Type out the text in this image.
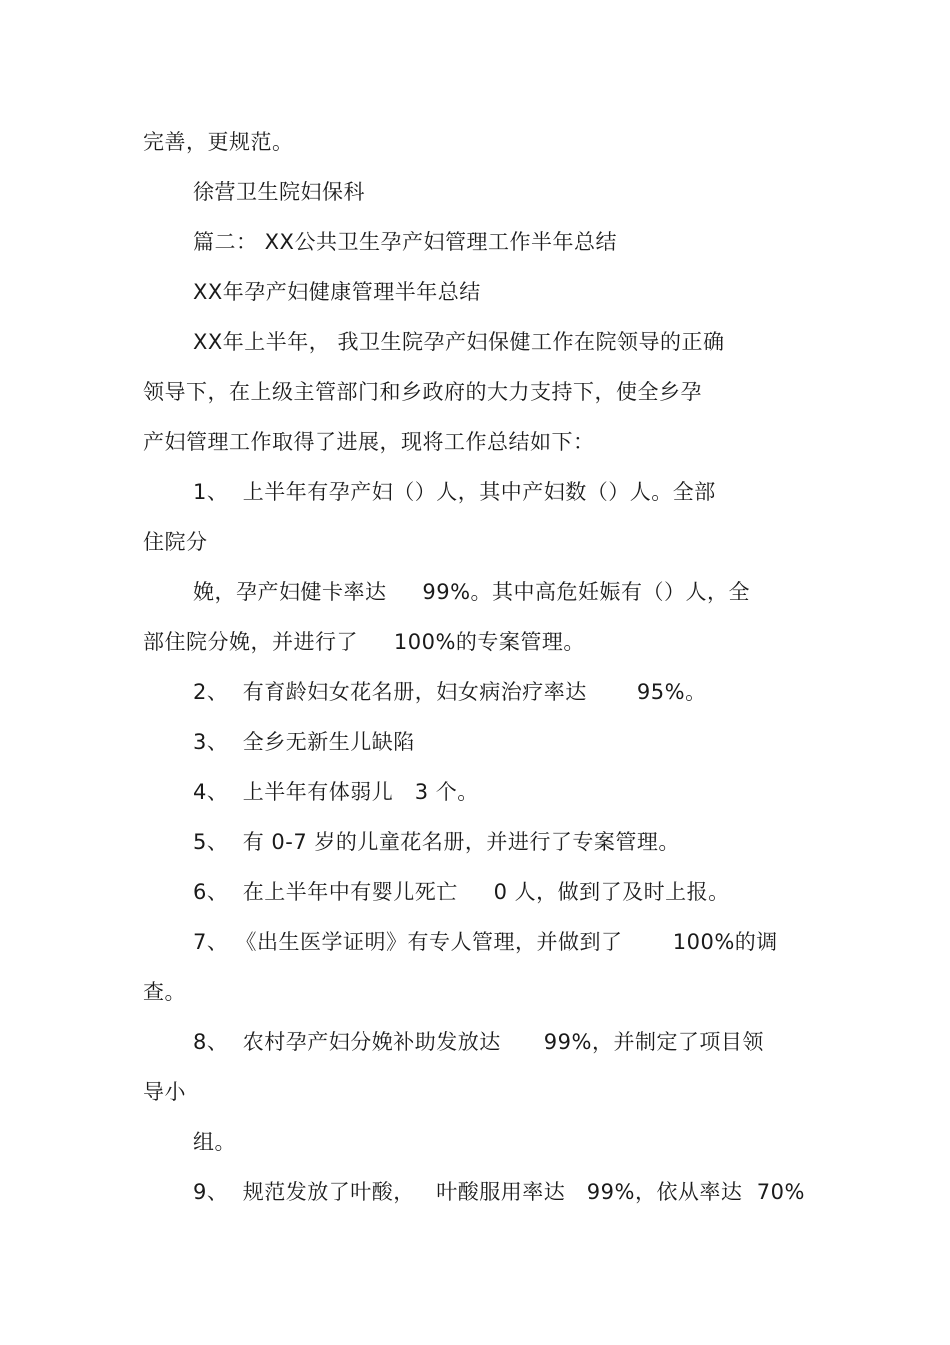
完善，更规范。
徐营卫生院妇保科
篇二： XX公共卫生孕产妇管理工作半年总结
XX年孕产妇健康管理半年总结
XX年上半年， 我卫生院孕产妇保健工作在院领导的正确
领导下，在上级主管部门和乡政府的大力支持下，使全乡孕
产妇管理工作取得了进展，现将工作总结如下：
1、  上半年有孕产妇（）人，其中产妇数（）人。全部
住院分
娩，孕产妇健卡率达     99%。其中高危妊娠有（）人，全
部住院分娩，并进行了     100%的专案管理。
2、  有育龄妇女花名册，妇女病治疗率达       95%。
3、  全乡无新生儿缺陷
4、  上半年有体弱儿   3 个。
5、  有 0-7 岁的儿童花名册，并进行了专案管理。
6、  在上半年中有婴儿死亡     0 人，做到了及时上报。
7、 《出生医学证明》有专人管理，并做到了       100%的调
查。
8、  农村孕产妇分娩补助发放达      99%，并制定了项目领
导小
组。
9、  规范发放了叶酸，   叶酸服用率达   99%，依从率达  70%
